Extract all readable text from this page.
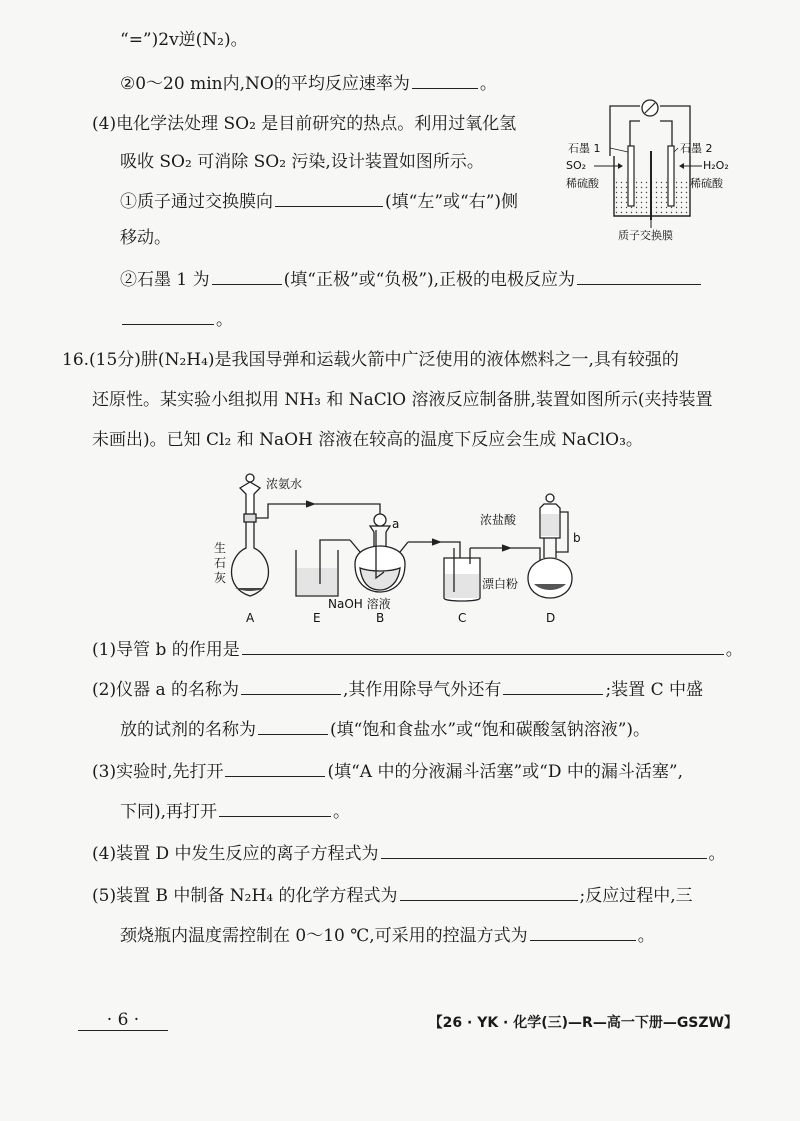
“=”)2v逆(N₂)。
②0～20 min内,NO的平均反应速率为	。
(4)电化学法处理 SO₂ 是目前研究的热点。利用过氧化氢
吸收 SO₂ 可消除 SO₂ 污染,设计装置如图所示。
①质子通过交换膜向	(填“左”或“右”)侧
移动。
②石墨 1 为	(填“正极”或“负极”),正极的电极反应为
。
石墨 1	石墨 2
SO₂	H₂O₂
稀硫酸	稀硫酸
质子交换膜
16.(15分)肼(N₂H₄)是我国导弹和运载火箭中广泛使用的液体燃料之一,具有较强的
还原性。某实验小组拟用 NH₃ 和 NaClO 溶液反应制备肼,装置如图所示(夹持装置
未画出)。已知 Cl₂ 和 NaOH 溶液在较高的温度下反应会生成 NaClO₃。
浓氨水
生
石
灰
a	浓盐酸
b
NaOH 溶液
漂白粉
A	E	B	C	D
(1)导管 b 的作用是	。
(2)仪器 a 的名称为	,其作用除导气外还有	;装置 C 中盛
放的试剂的名称为	(填“饱和食盐水”或“饱和碳酸氢钠溶液”)。
(3)实验时,先打开	(填“A 中的分液漏斗活塞”或“D 中的漏斗活塞”,
下同),再打开	。
(4)装置 D 中发生反应的离子方程式为	。
(5)装置 B 中制备 N₂H₄ 的化学方程式为	;反应过程中,三
颈烧瓶内温度需控制在 0～10 ℃,可采用的控温方式为	。
· 6 ·	【26 · YK · 化学(三)—R—高一下册—GSZW】
